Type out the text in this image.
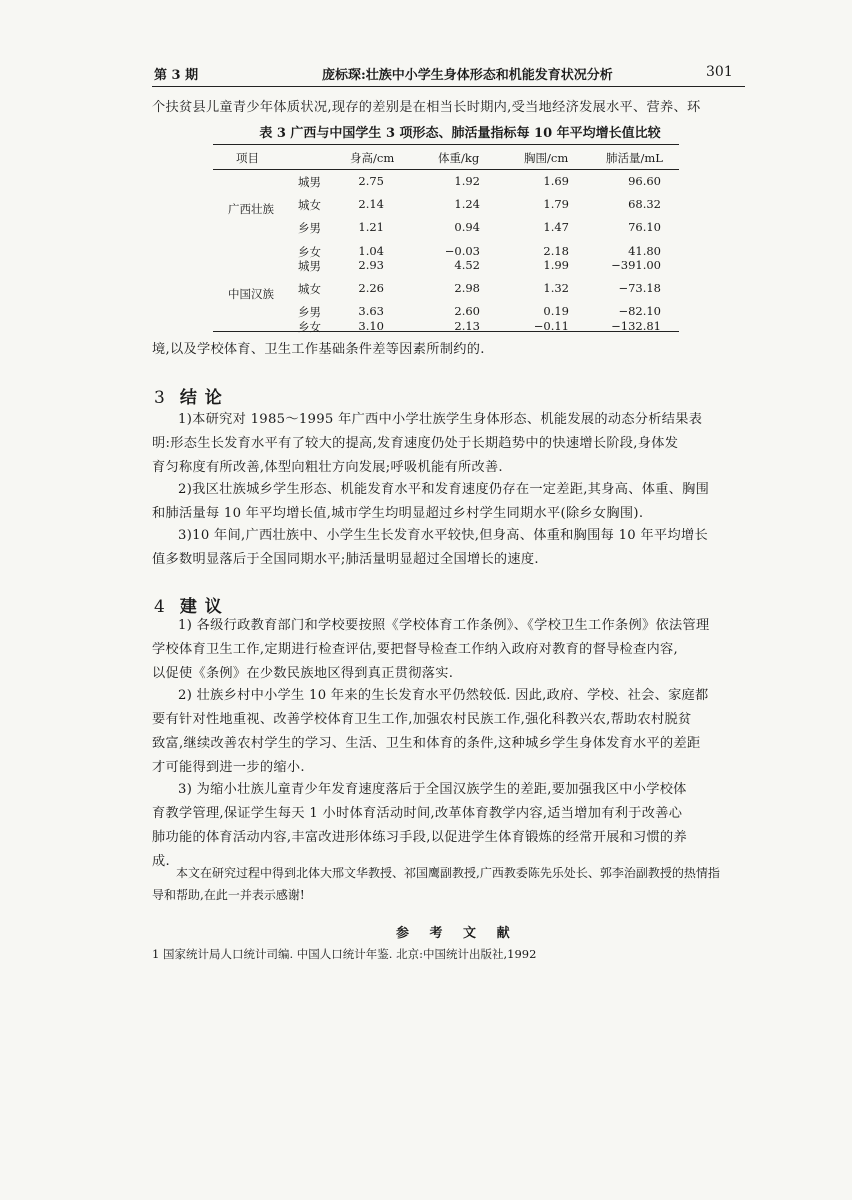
第 3 期	庞标琛:壮族中小学生身体形态和机能发育状况分析	301
个扶贫县儿童青少年体质状况,现存的差别是在相当长时期内,受当地经济发展水平、营养、环
表 3 广西与中国学生 3 项形态、肺活量指标每 10 年平均增长值比较
项目	身高/cm	体重/kg	胸围/cm	肺活量/mL
广西壮族
城男	2.75	1.92	1.69	96.60
城女	2.14	1.24	1.79	68.32
乡男	1.21	0.94	1.47	76.10
乡女	1.04	−0.03	2.18	41.80
中国汉族
城男	2.93	4.52	1.99	−391.00
城女	2.26	2.98	1.32	−73.18
乡男	3.63	2.60	0.19	−82.10
乡女	3.10	2.13	−0.11	−132.81
境,以及学校体育、卫生工作基础条件差等因素所制约的.
3 结 论
1)本研究对 1985～1995 年广西中小学壮族学生身体形态、机能发展的动态分析结果表
明:形态生长发育水平有了较大的提高,发育速度仍处于长期趋势中的快速增长阶段,身体发
育匀称度有所改善,体型向粗壮方向发展;呼吸机能有所改善.
2)我区壮族城乡学生形态、机能发育水平和发育速度仍存在一定差距,其身高、体重、胸围
和肺活量每 10 年平均增长值,城市学生均明显超过乡村学生同期水平(除乡女胸围).
3)10 年间,广西壮族中、小学生生长发育水平较快,但身高、体重和胸围每 10 年平均增长
值多数明显落后于全国同期水平;肺活量明显超过全国增长的速度.
4 建 议
1) 各级行政教育部门和学校要按照《学校体育工作条例》、《学校卫生工作条例》依法管理
学校体育卫生工作,定期进行检查评估,要把督导检查工作纳入政府对教育的督导检查内容,
以促使《条例》在少数民族地区得到真正贯彻落实.
2) 壮族乡村中小学生 10 年来的生长发育水平仍然较低. 因此,政府、学校、社会、家庭都
要有针对性地重视、改善学校体育卫生工作,加强农村民族工作,强化科教兴农,帮助农村脱贫
致富,继续改善农村学生的学习、生活、卫生和体育的条件,这种城乡学生身体发育水平的差距
才可能得到进一步的缩小.
3) 为缩小壮族儿童青少年发育速度落后于全国汉族学生的差距,要加强我区中小学校体
育教学管理,保证学生每天 1 小时体育活动时间,改革体育教学内容,适当增加有利于改善心
肺功能的体育活动内容,丰富改进形体练习手段,以促进学生体育锻炼的经常开展和习惯的养
成.
本文在研究过程中得到北体大邢文华教授、祁国鹰副教授,广西教委陈先乐处长、郭李治副教授的热情指
导和帮助,在此一并表示感谢!
参 考 文 献
1 国家统计局人口统计司编. 中国人口统计年鉴. 北京:中国统计出版社,1992
